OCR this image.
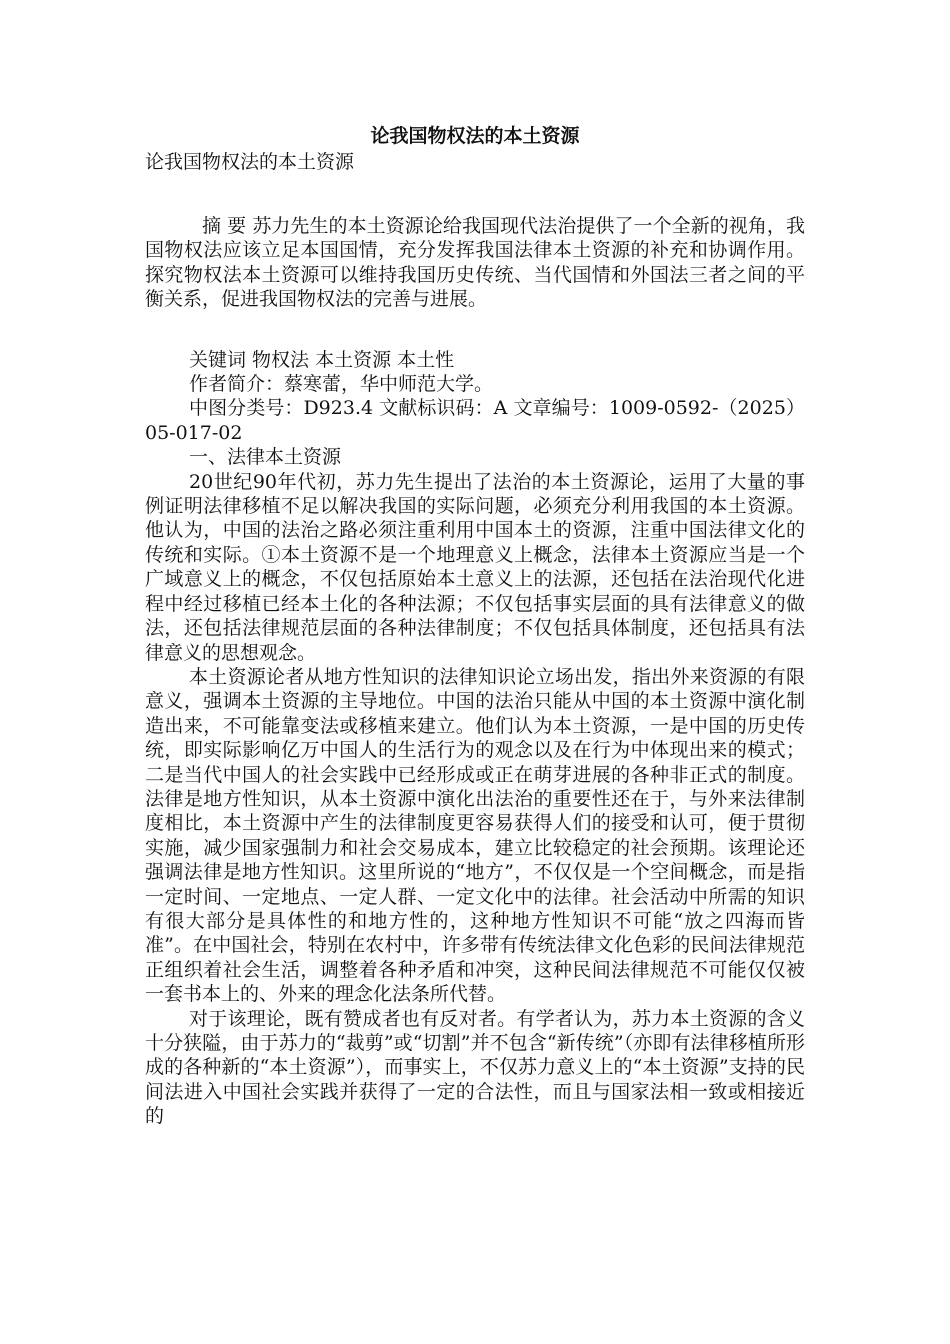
论我国物权法的本土资源
论我国物权法的本土资源

摘 要 苏力先生的本土资源论给我国现代法治提供了一个全新的视角，我国物权法应该立足本国国情，充分发挥我国法律本土资源的补充和协调作用。探究物权法本土资源可以维持我国历史传统、当代国情和外国法三者之间的平衡关系，促进我国物权法的完善与进展。

关键词 物权法 本土资源 本土性

作者简介：蔡寒蕾，华中师范大学。

中图分类号：D923.4 文献标识码：A 文章编号：1009-0592-（2025）05-017-02

一、法律本土资源

20世纪90年代初，苏力先生提出了法治的本土资源论，运用了大量的事例证明法律移植不足以解决我国的实际问题，必须充分利用我国的本土资源。他认为，中国的法治之路必须注重利用中国本土的资源，注重中国法律文化的传统和实际。①本土资源不是一个地理意义上概念，法律本土资源应当是一个广域意义上的概念，不仅包括原始本土意义上的法源，还包括在法治现代化进程中经过移植已经本土化的各种法源；不仅包括事实层面的具有法律意义的做法，还包括法律规范层面的各种法律制度；不仅包括具体制度，还包括具有法律意义的思想观念。

本土资源论者从地方性知识的法律知识论立场出发，指出外来资源的有限意义，强调本土资源的主导地位。中国的法治只能从中国的本土资源中演化制造出来，不可能靠变法或移植来建立。他们认为本土资源，一是中国的历史传统，即实际影响亿万中国人的生活行为的观念以及在行为中体现出来的模式；二是当代中国人的社会实践中已经形成或正在萌芽进展的各种非正式的制度。法律是地方性知识，从本土资源中演化出法治的重要性还在于，与外来法律制度相比，本土资源中产生的法律制度更容易获得人们的接受和认可，便于贯彻实施，减少国家强制力和社会交易成本，建立比较稳定的社会预期。该理论还强调法律是地方性知识。这里所说的“地方”，不仅仅是一个空间概念，而是指一定时间、一定地点、一定人群、一定文化中的法律。社会活动中所需的知识有很大部分是具体性的和地方性的，这种地方性知识不可能“放之四海而皆准”。在中国社会，特别在农村中，许多带有传统法律文化色彩的民间法律规范正组织着社会生活，调整着各种矛盾和冲突，这种民间法律规范不可能仅仅被一套书本上的、外来的理念化法条所代替。

对于该理论，既有赞成者也有反对者。有学者认为，苏力本土资源的含义十分狭隘，由于苏力的“裁剪”或“切割”并不包含“新传统”（亦即有法律移植所形成的各种新的“本土资源”），而事实上，不仅苏力意义上的“本土资源”支持的民间法进入中国社会实践并获得了一定的合法性，而且与国家法相一致或相接近的
